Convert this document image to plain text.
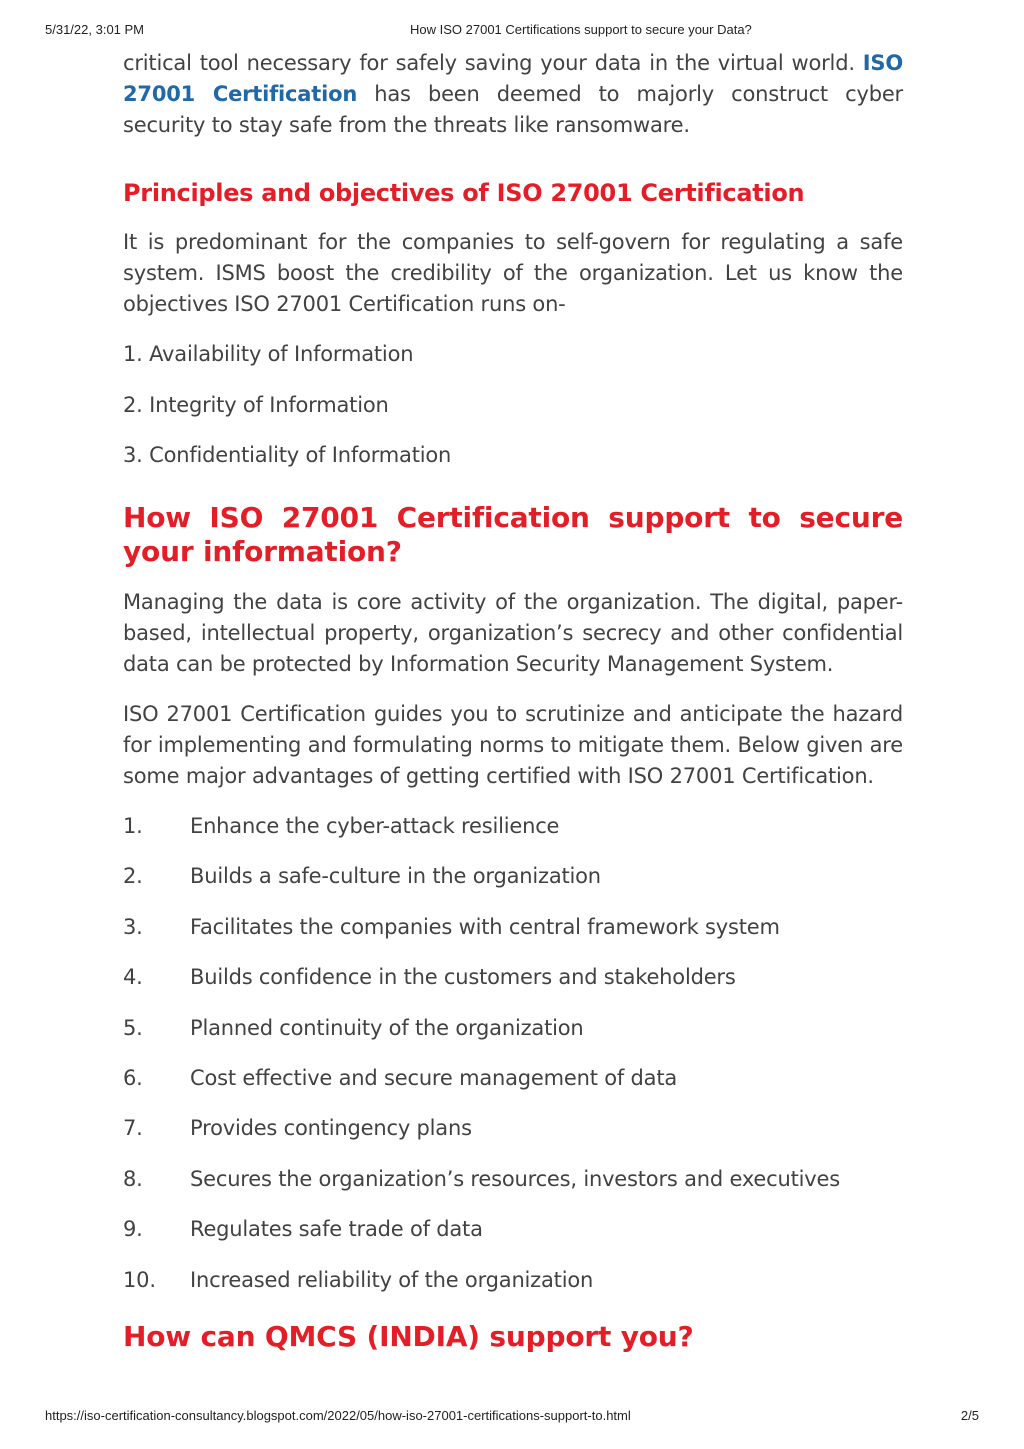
5/31/22, 3:01 PM	How ISO 27001 Certifications support to secure your Data?

critical tool necessary for safely saving your data in the virtual world. ISO 27001 Certification has been deemed to majorly construct cyber security to stay safe from the threats like ransomware.

Principles and objectives of ISO 27001 Certification

It is predominant for the companies to self-govern for regulating a safe system. ISMS boost the credibility of the organization. Let us know the objectives ISO 27001 Certification runs on-

1. Availability of Information
2. Integrity of Information
3. Confidentiality of Information
How ISO 27001 Certification support to secure your information?

Managing the data is core activity of the organization. The digital, paper-based, intellectual property, organization’s secrecy and other confidential data can be protected by Information Security Management System.

ISO 27001 Certification guides you to scrutinize and anticipate the hazard for implementing and formulating norms to mitigate them. Below given are some major advantages of getting certified with ISO 27001 Certification.

1.	Enhance the cyber-attack resilience
2.	Builds a safe-culture in the organization
3.	Facilitates the companies with central framework system
4.	Builds confidence in the customers and stakeholders
5.	Planned continuity of the organization
6.	Cost effective and secure management of data
7.	Provides contingency plans
8.	Secures the organization’s resources, investors and executives
9.	Regulates safe trade of data
10.	Increased reliability of the organization
How can QMCS (INDIA) support you?
https://iso-certification-consultancy.blogspot.com/2022/05/how-iso-27001-certifications-support-to.html	2/5
